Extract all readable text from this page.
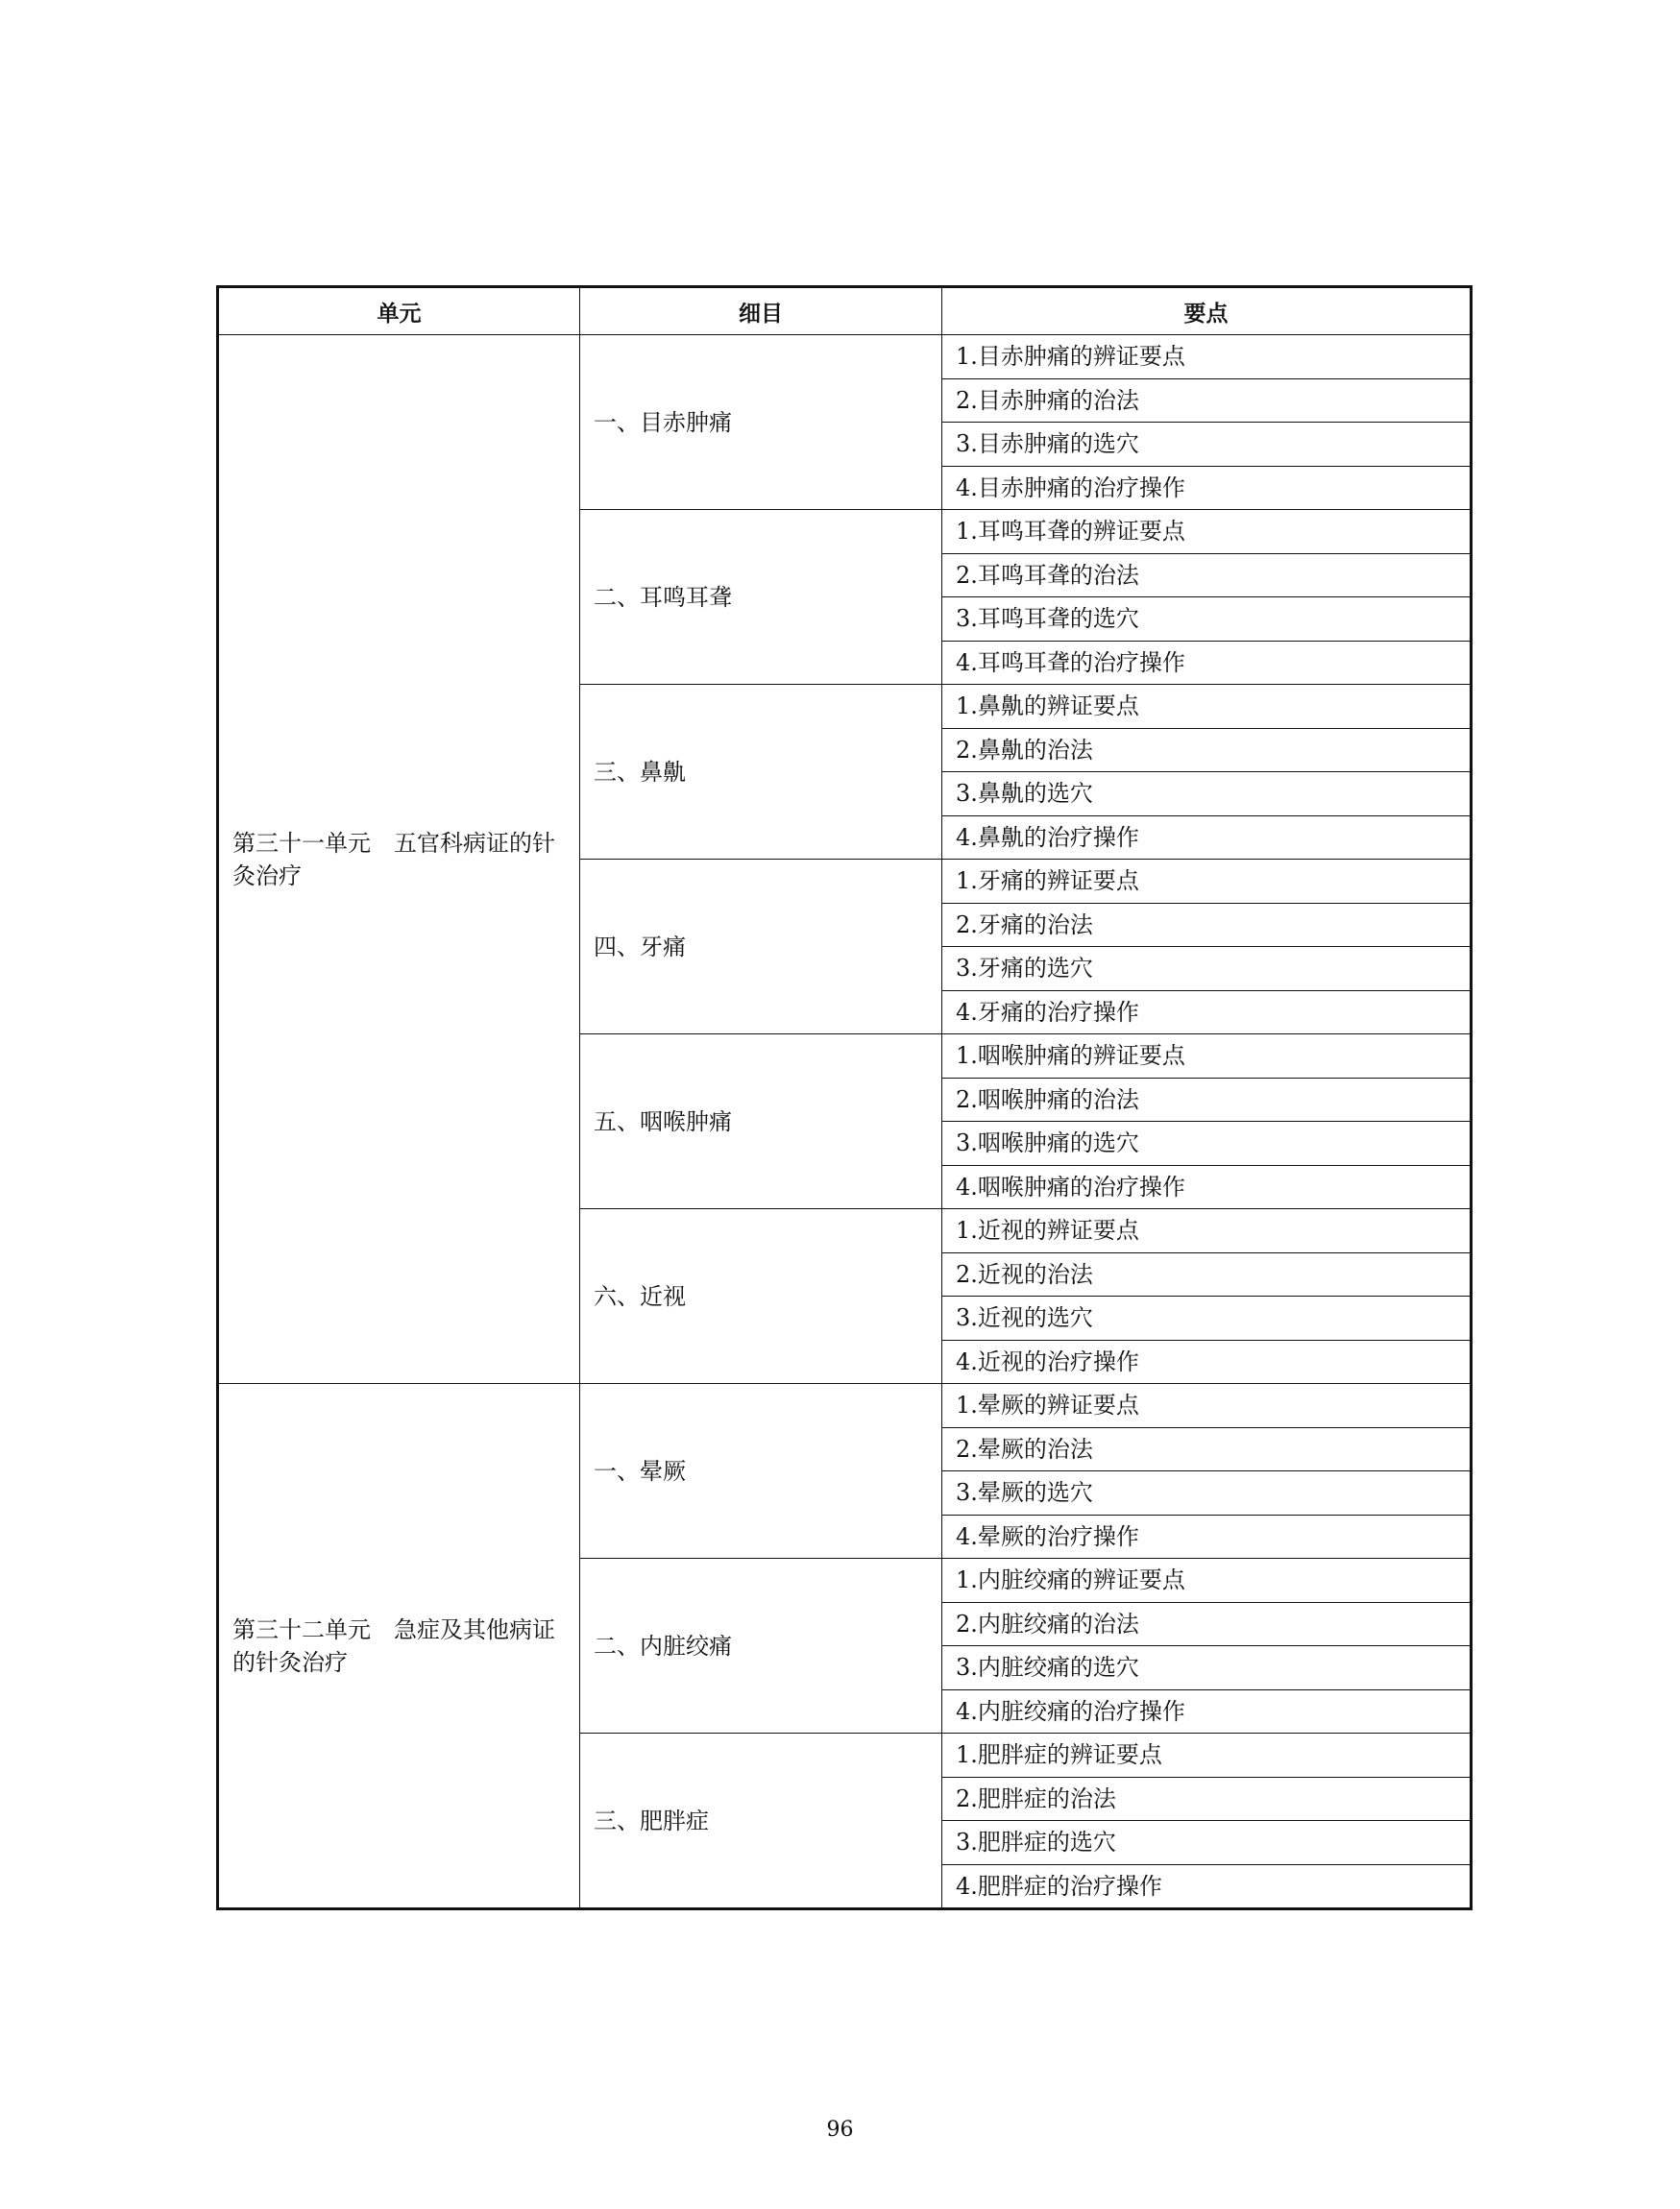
单元	细目	要点
第三十一单元　五官科病证的针灸治疗	一、目赤肿痛	1.目赤肿痛的辨证要点
		2.目赤肿痛的治法
		3.目赤肿痛的选穴
		4.目赤肿痛的治疗操作
	二、耳鸣耳聋	1.耳鸣耳聋的辨证要点
		2.耳鸣耳聋的治法
		3.耳鸣耳聋的选穴
		4.耳鸣耳聋的治疗操作
	三、鼻鼽	1.鼻鼽的辨证要点
		2.鼻鼽的治法
		3.鼻鼽的选穴
		4.鼻鼽的治疗操作
	四、牙痛	1.牙痛的辨证要点
		2.牙痛的治法
		3.牙痛的选穴
		4.牙痛的治疗操作
	五、咽喉肿痛	1.咽喉肿痛的辨证要点
		2.咽喉肿痛的治法
		3.咽喉肿痛的选穴
		4.咽喉肿痛的治疗操作
	六、近视	1.近视的辨证要点
		2.近视的治法
		3.近视的选穴
		4.近视的治疗操作
第三十二单元　急症及其他病证的针灸治疗	一、晕厥	1.晕厥的辨证要点
		2.晕厥的治法
		3.晕厥的选穴
		4.晕厥的治疗操作
	二、内脏绞痛	1.内脏绞痛的辨证要点
		2.内脏绞痛的治法
		3.内脏绞痛的选穴
		4.内脏绞痛的治疗操作
	三、肥胖症	1.肥胖症的辨证要点
		2.肥胖症的治法
		3.肥胖症的选穴
		4.肥胖症的治疗操作
96
